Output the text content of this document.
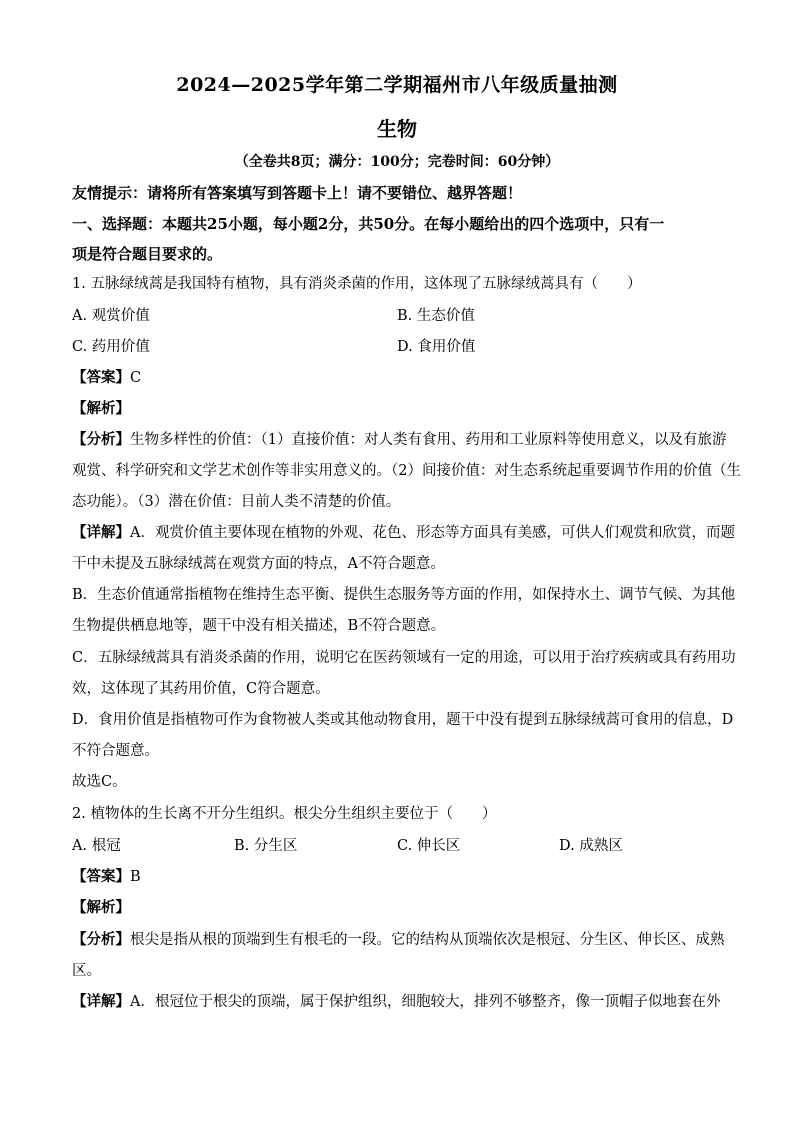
2024—2025学年第二学期福州市八年级质量抽测
生物
（全卷共8页；满分：100分；完卷时间：60分钟）
友情提示：请将所有答案填写到答题卡上！请不要错位、越界答题！
一、选择题：本题共25小题，每小题2分，共50分。在每小题给出的四个选项中，只有一
项是符合题目要求的。
1. 五脉绿绒蒿是我国特有植物，具有消炎杀菌的作用，这体现了五脉绿绒蒿具有（　　）
A. 观赏价值	B. 生态价值
C. 药用价值	D. 食用价值
【答案】C
【解析】
【分析】生物多样性的价值：（1）直接价值：对人类有食用、药用和工业原料等使用意义，以及有旅游
观赏、科学研究和文学艺术创作等非实用意义的。（2）间接价值：对生态系统起重要调节作用的价值（生
态功能）。（3）潜在价值：目前人类不清楚的价值。
【详解】A．观赏价值主要体现在植物的外观、花色、形态等方面具有美感，可供人们观赏和欣赏，而题
干中未提及五脉绿绒蒿在观赏方面的特点，A不符合题意。
B．生态价值通常指植物在维持生态平衡、提供生态服务等方面的作用，如保持水土、调节气候、为其他
生物提供栖息地等，题干中没有相关描述，B不符合题意。
C．五脉绿绒蒿具有消炎杀菌的作用，说明它在医药领域有一定的用途，可以用于治疗疾病或具有药用功
效，这体现了其药用价值，C符合题意。
D．食用价值是指植物可作为食物被人类或其他动物食用，题干中没有提到五脉绿绒蒿可食用的信息，D
不符合题意。
故选C。
2. 植物体的生长离不开分生组织。根尖分生组织主要位于（　　）
A. 根冠	B. 分生区	C. 伸长区	D. 成熟区
【答案】B
【解析】
【分析】根尖是指从根的顶端到生有根毛的一段。它的结构从顶端依次是根冠、分生区、伸长区、成熟
区。
【详解】A．根冠位于根尖的顶端，属于保护组织，细胞较大，排列不够整齐，像一顶帽子似地套在外
